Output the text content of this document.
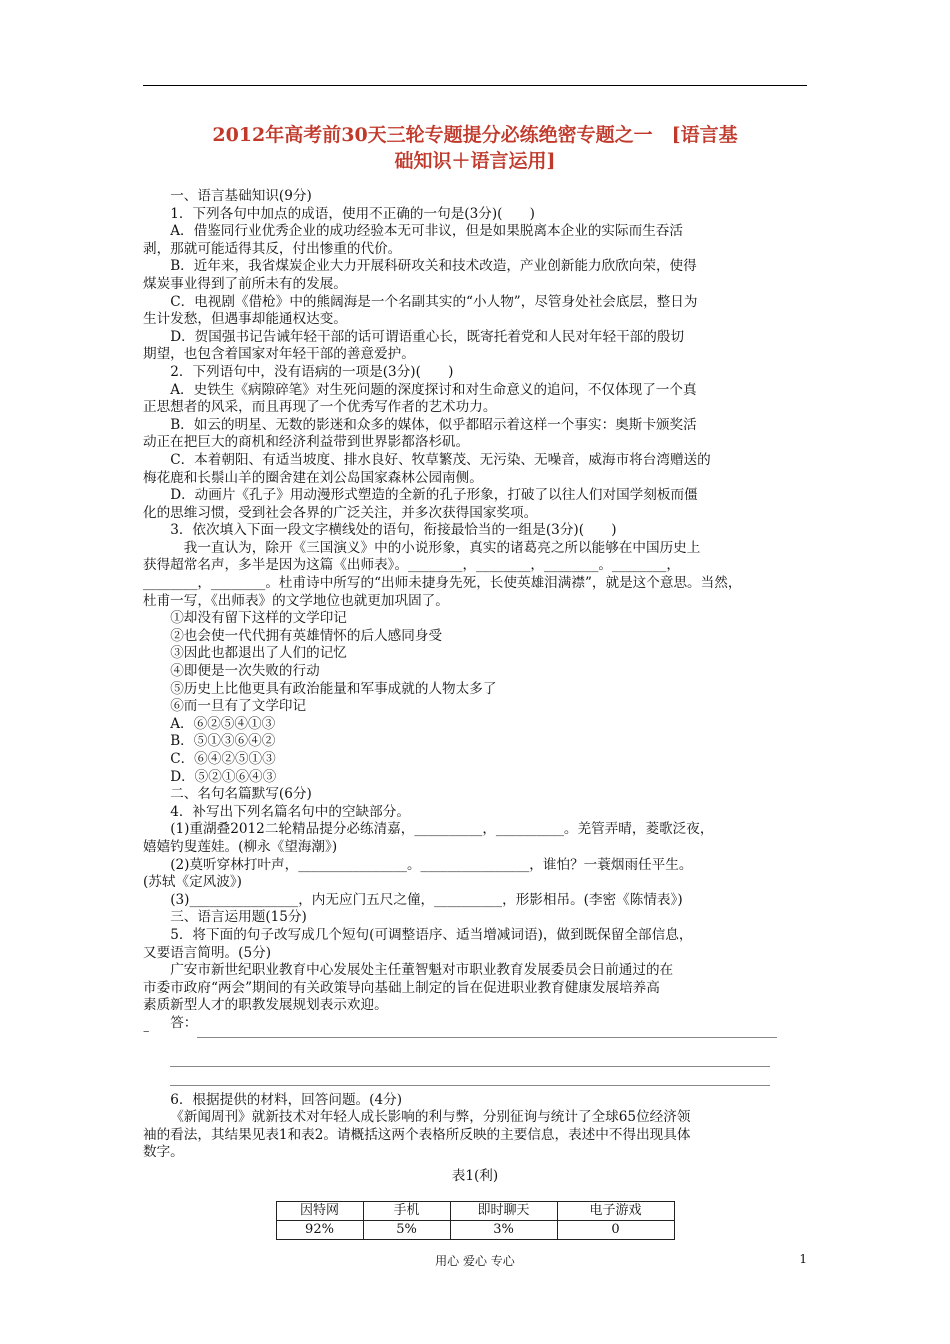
2012年高考前30天三轮专题提分必练绝密专题之一　[语言基
础知识＋语言运用]

一、语言基础知识(9分)

1．下列各句中加点的成语，使用不正确的一句是(3分)(　　)

A．借鉴同行业优秀企业的成功经验本无可非议，但是如果脱离本企业的实际而生吞活

剥，那就可能适得其反，付出惨重的代价。

B．近年来，我省煤炭企业大力开展科研攻关和技术改造，产业创新能力欣欣向荣，使得

煤炭事业得到了前所未有的发展。

C．电视剧《借枪》中的熊阔海是一个名副其实的“小人物”，尽管身处社会底层，整日为

生计发愁，但遇事却能通权达变。

D．贺国强书记告诫年轻干部的话可谓语重心长，既寄托着党和人民对年轻干部的殷切

期望，也包含着国家对年轻干部的善意爱护。

2．下列语句中，没有语病的一项是(3分)(　　)

A．史铁生《病隙碎笔》对生死问题的深度探讨和对生命意义的追问，不仅体现了一个真

正思想者的风采，而且再现了一个优秀写作者的艺术功力。

B．如云的明星、无数的影迷和众多的媒体，似乎都昭示着这样一个事实：奥斯卡颁奖活

动正在把巨大的商机和经济利益带到世界影都洛杉矶。

C．本着朝阳、有适当坡度、排水良好、牧草繁茂、无污染、无噪音，威海市将台湾赠送的

梅花鹿和长鬃山羊的圈舍建在刘公岛国家森林公园南侧。

D．动画片《孔子》用动漫形式塑造的全新的孔子形象，打破了以往人们对国学刻板而僵

化的思维习惯，受到社会各界的广泛关注，并多次获得国家奖项。

3．依次填入下面一段文字横线处的语句，衔接最恰当的一组是(3分)(　　)

我一直认为，除开《三国演义》中的小说形象，真实的诸葛亮之所以能够在中国历史上

获得超常名声，多半是因为这篇《出师表》。________，________，________。________，

________，________。杜甫诗中所写的“出师未捷身先死，长使英雄泪满襟”，就是这个意思。当然，

杜甫一写，《出师表》的文学地位也就更加巩固了。

①却没有留下这样的文学印记

②也会使一代代拥有英雄情怀的后人感同身受

③因此也都退出了人们的记忆

④即便是一次失败的行动

⑤历史上比他更具有政治能量和军事成就的人物太多了

⑥而一旦有了文学印记

A．⑥②⑤④①③

B．⑤①③⑥④②

C．⑥④②⑤①③

D．⑤②①⑥④③

二、名句名篇默写(6分)

4．补写出下列名篇名句中的空缺部分。

(1)重湖叠2012二轮精品提分必练清嘉，__________，__________。羌管弄晴，菱歌泛夜，

嬉嬉钓叟莲娃。(柳永《望海潮》)

(2)莫听穿林打叶声，________________。________________，谁怕？一蓑烟雨任平生。

(苏轼《定风波》)

(3)________________，内无应门五尺之僮，__________，形影相吊。(李密《陈情表》)

三、语言运用题(15分)

5．将下面的句子改写成几个短句(可调整语序、适当增减词语)，做到既保留全部信息，

又要语言简明。(5分)

广安市新世纪职业教育中心发展处主任董智魁对市职业教育发展委员会日前通过的在

市委市政府“两会”期间的有关政策导向基础上制定的旨在促进职业教育健康发展培养高

素质新型人才的职教发展规划表示欢迎。

答：

6．根据提供的材料，回答问题。(4分)

《新闻周刊》就新技术对年轻人成长影响的利与弊，分别征询与统计了全球65位经济领

袖的看法，其结果见表1和表2。请概括这两个表格所反映的主要信息，表述中不得出现具体

数字。

表1(利)

因特网	手机	即时聊天	电子游戏
92%	5%	3%	0
–
用心 爱心 专心	1
